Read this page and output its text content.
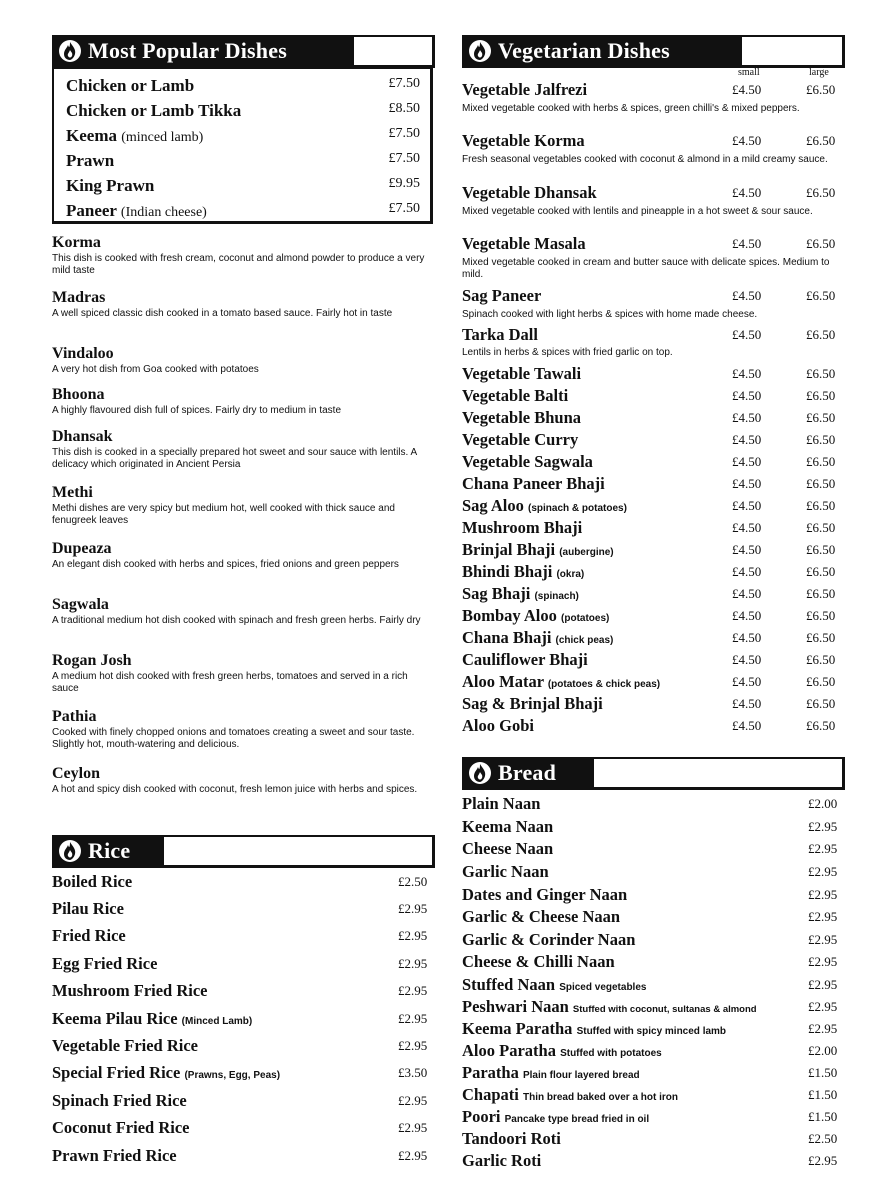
Most Popular Dishes
Chicken or Lamb	£7.50
Chicken or Lamb Tikka	£8.50
Keema (minced lamb)	£7.50
Prawn	£7.50
King Prawn	£9.95
Paneer (Indian cheese)	£7.50
Korma
This dish is cooked with fresh cream, coconut and almond powder to produce a very mild taste
Madras
A well spiced classic dish cooked in a tomato based sauce. Fairly hot in taste
Vindaloo
A very hot dish from Goa cooked with potatoes
Bhoona
A highly flavoured dish full of spices. Fairly dry to medium in taste
Dhansak
This dish is cooked in a specially prepared hot sweet and sour sauce with lentils. A delicacy which originated in Ancient Persia
Methi
Methi dishes are very spicy but medium hot, well cooked with thick sauce and fenugreek leaves
Dupeaza
An elegant dish cooked with herbs and spices, fried onions and green peppers
Sagwala
A traditional medium hot dish cooked with spinach and fresh green herbs. Fairly dry
Rogan Josh
A medium hot dish cooked with fresh green herbs, tomatoes and served in a rich sauce
Pathia
Cooked with finely chopped onions and tomatoes creating a sweet and sour taste. Slightly hot, mouth-watering and delicious.
Ceylon
A hot and spicy dish cooked with coconut, fresh lemon juice with herbs and spices.
Rice
Boiled Rice	£2.50
Pilau Rice	£2.95
Fried Rice	£2.95
Egg Fried Rice	£2.95
Mushroom Fried Rice	£2.95
Keema Pilau Rice (Minced Lamb)	£2.95
Vegetable Fried Rice	£2.95
Special Fried Rice (Prawns, Egg, Peas)	£3.50
Spinach Fried Rice	£2.95
Coconut Fried Rice	£2.95
Prawn Fried Rice	£2.95
Vegetarian Dishes
small	large
Vegetable Jalfrezi	£4.50	£6.50
Mixed vegetable cooked with herbs & spices, green chilli's & mixed peppers.
Vegetable Korma	£4.50	£6.50
Fresh seasonal vegetables cooked with coconut & almond in a mild creamy sauce.
Vegetable Dhansak	£4.50	£6.50
Mixed vegetable cooked with lentils and pineapple in a hot sweet & sour sauce.
Vegetable Masala	£4.50	£6.50
Mixed vegetable cooked in cream and butter sauce with delicate spices. Medium to mild.
Sag Paneer	£4.50	£6.50
Spinach cooked with light herbs & spices with home made cheese.
Tarka Dall	£4.50	£6.50
Lentils in herbs & spices with fried garlic on top.
Vegetable Tawali	£4.50	£6.50
Vegetable Balti	£4.50	£6.50
Vegetable Bhuna	£4.50	£6.50
Vegetable Curry	£4.50	£6.50
Vegetable Sagwala	£4.50	£6.50
Chana Paneer Bhaji	£4.50	£6.50
Sag Aloo (spinach & potatoes)	£4.50	£6.50
Mushroom Bhaji	£4.50	£6.50
Brinjal Bhaji (aubergine)	£4.50	£6.50
Bhindi Bhaji (okra)	£4.50	£6.50
Sag Bhaji (spinach)	£4.50	£6.50
Bombay Aloo (potatoes)	£4.50	£6.50
Chana Bhaji (chick peas)	£4.50	£6.50
Cauliflower Bhaji	£4.50	£6.50
Aloo Matar (potatoes & chick peas)	£4.50	£6.50
Sag & Brinjal Bhaji	£4.50	£6.50
Aloo Gobi	£4.50	£6.50
Bread
Plain Naan	£2.00
Keema Naan	£2.95
Cheese Naan	£2.95
Garlic Naan	£2.95
Dates and Ginger Naan	£2.95
Garlic & Cheese Naan	£2.95
Garlic & Corinder Naan	£2.95
Cheese & Chilli Naan	£2.95
Stuffed Naan Spiced vegetables	£2.95
Peshwari Naan Stuffed with coconut, sultanas & almond	£2.95
Keema Paratha Stuffed with spicy minced lamb	£2.95
Aloo Paratha Stuffed with potatoes	£2.00
Paratha Plain flour layered bread	£1.50
Chapati Thin bread baked over a hot iron	£1.50
Poori Pancake type bread fried in oil	£1.50
Tandoori Roti	£2.50
Garlic Roti	£2.95
